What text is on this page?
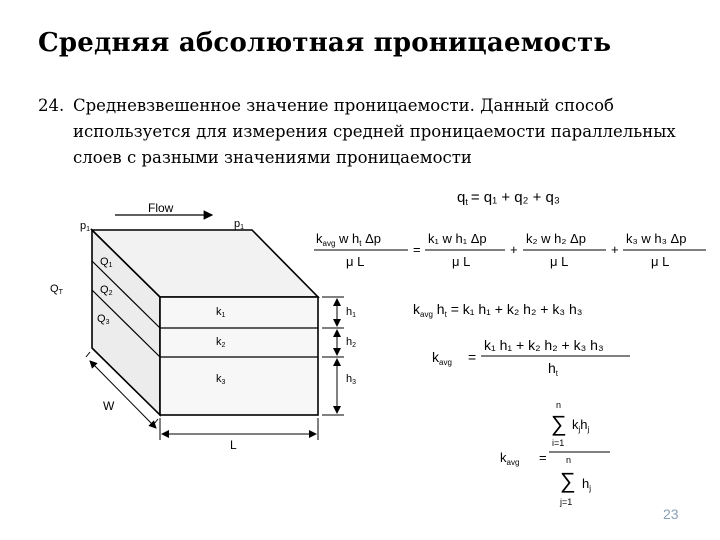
Средняя абсолютная проницаемость
24. Средневзвешенное значение проницаемости. Данный способ
используется для измерения средней проницаемости параллельных
слоев с разными значениями проницаемости
Flow
p1	p1
QT
Q1
Q2
Q3
k1
k2
k3
h1
h2
h3
W
L
$q_t = q_1 + q_2 + q_3$
$k_{avg}$ w $h_t$ Δp
μ L
=
k₁ w h₁ Δp
μ L
+
k₂ w h₂ Δp
μ L
+
k₃ w h₃ Δp
μ L
$k_{avg}$ $h_t = k_1$ h₁ + k₂ h₂ + k₃ h₃
$k_{avg}$ =
k₁ h₁ + k₂ h₂ + k₃ h₃
$h_t$
$k_{avg}$ =
n
∑ $k_jh_j$
i=1
n
∑ $h_j$
j=1
23
